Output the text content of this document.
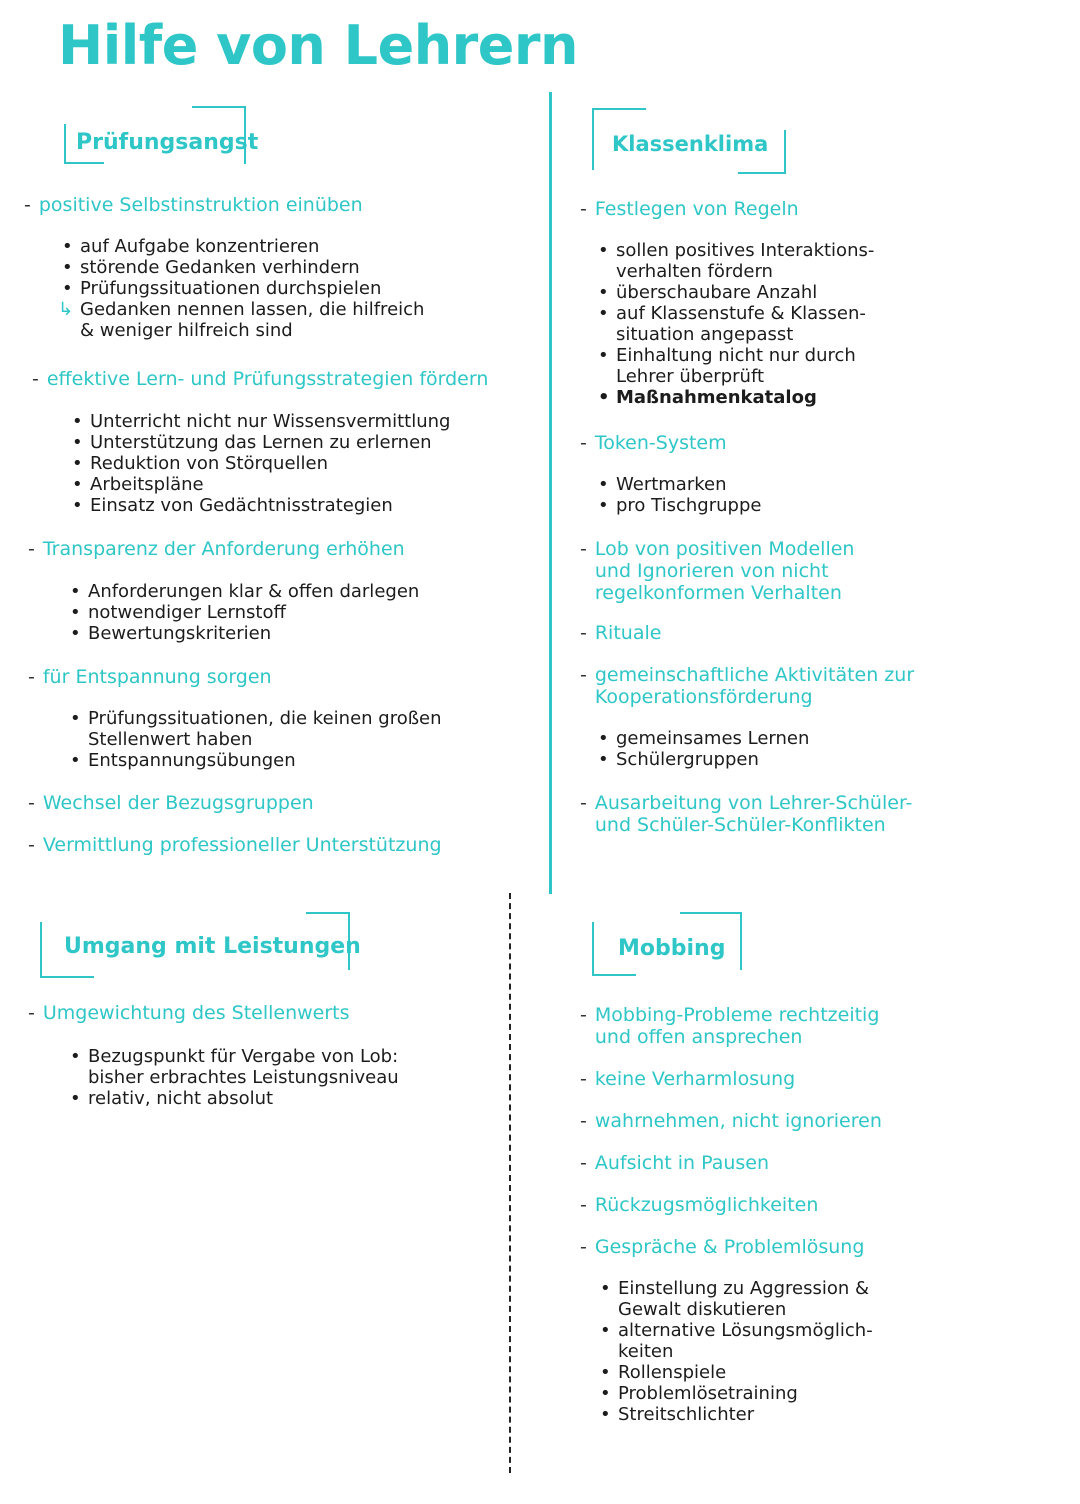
Hilfe von Lehrern
Prüfungsangst
- positive Selbstinstruktion einüben
• auf Aufgabe konzentrieren
• störende Gedanken verhindern
• Prüfungssituationen durchspielen
↳ Gedanken nennen lassen, die hilfreich & weniger hilfreich sind
- effektive Lern- und Prüfungsstrategien fördern
• Unterricht nicht nur Wissensvermittlung
• Unterstützung das Lernen zu erlernen
• Reduktion von Störquellen
• Arbeitspläne
• Einsatz von Gedächtnisstrategien
- Transparenz der Anforderung erhöhen
• Anforderungen klar & offen darlegen
• notwendiger Lernstoff
• Bewertungskriterien
- für Entspannung sorgen
• Prüfungssituationen, die keinen großen Stellenwert haben
• Entspannungsübungen
- Wechsel der Bezugsgruppen
- Vermittlung professioneller Unterstützung
Klassenklima
- Festlegen von Regeln
• sollen positives Interaktions-verhalten fördern
• überschaubare Anzahl
• auf Klassenstufe & Klassen-situation angepasst
• Einhaltung nicht nur durch Lehrer überprüft
• Maßnahmenkatalog
- Token-System
• Wertmarken
• pro Tischgruppe
- Lob von positiven Modellen und Ignorieren von nicht regelkonformen Verhalten
- Rituale
- gemeinschaftliche Aktivitäten zur Kooperationsförderung
• gemeinsames Lernen
• Schülergruppen
- Ausarbeitung von Lehrer-Schüler- und Schüler-Schüler-Konflikten
Umgang mit Leistungen
- Umgewichtung des Stellenwerts
• Bezugspunkt für Vergabe von Lob: bisher erbrachtes Leistungsniveau
• relativ, nicht absolut
Mobbing
- Mobbing-Probleme rechtzeitig und offen ansprechen
- keine Verharmlosung
- wahrnehmen, nicht ignorieren
- Aufsicht in Pausen
- Rückzugsmöglichkeiten
- Gespräche & Problemlösung
• Einstellung zu Aggression & Gewalt diskutieren
• alternative Lösungsmöglich-keiten
• Rollenspiele
• Problemlösetraining
• Streitschlichter
